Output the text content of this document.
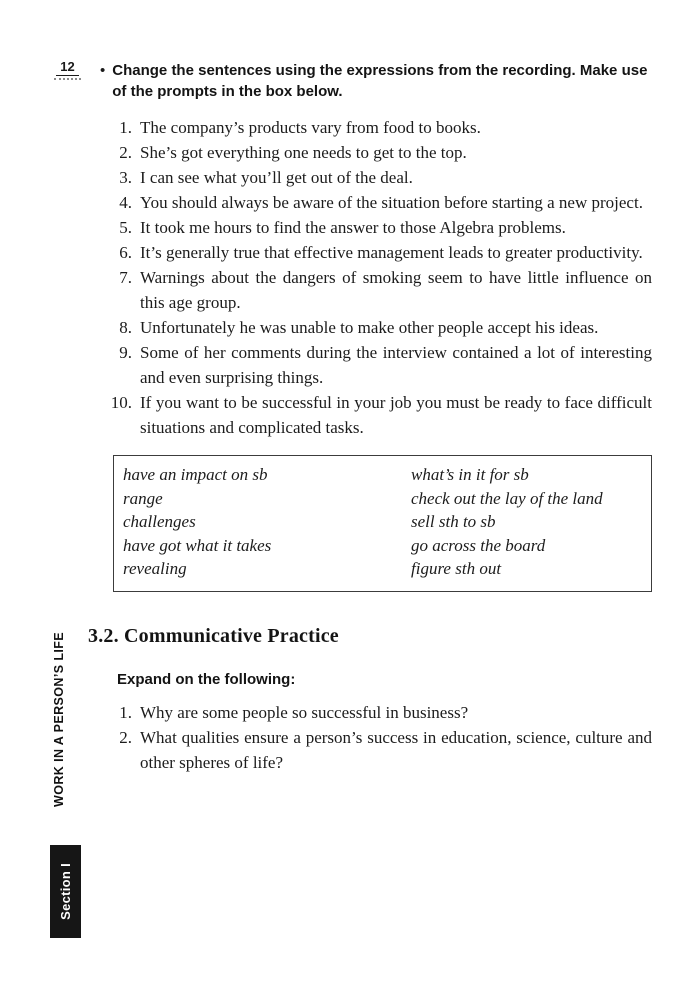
12
WORK IN A PERSON’S LIFE
Section I
• Change the sentences using the expressions from the recording. Make use of the prompts in the box below.

1. The company’s products vary from food to books.
2. She’s got everything one needs to get to the top.
3. I can see what you’ll get out of the deal.
4. You should always be aware of the situation before starting a new project.
5. It took me hours to find the answer to those Algebra problems.
6. It’s generally true that effective management leads to greater productivity.
7. Warnings about the dangers of smoking seem to have little influence on this age group.
8. Unfortunately he was unable to make other people accept his ideas.
9. Some of her comments during the interview contained a lot of interesting and even surprising things.
10. If you want to be successful in your job you must be ready to face difficult situations and complicated tasks.
have an impact on sb
range
challenges
have got what it takes
revealing
what’s in it for sb
check out the lay of the land
sell sth to sb
go across the board
figure sth out
3.2. Communicative Practice

Expand on the following:

1. Why are some people so successful in business?
2. What qualities ensure a person’s success in education, science, culture and other spheres of life?
